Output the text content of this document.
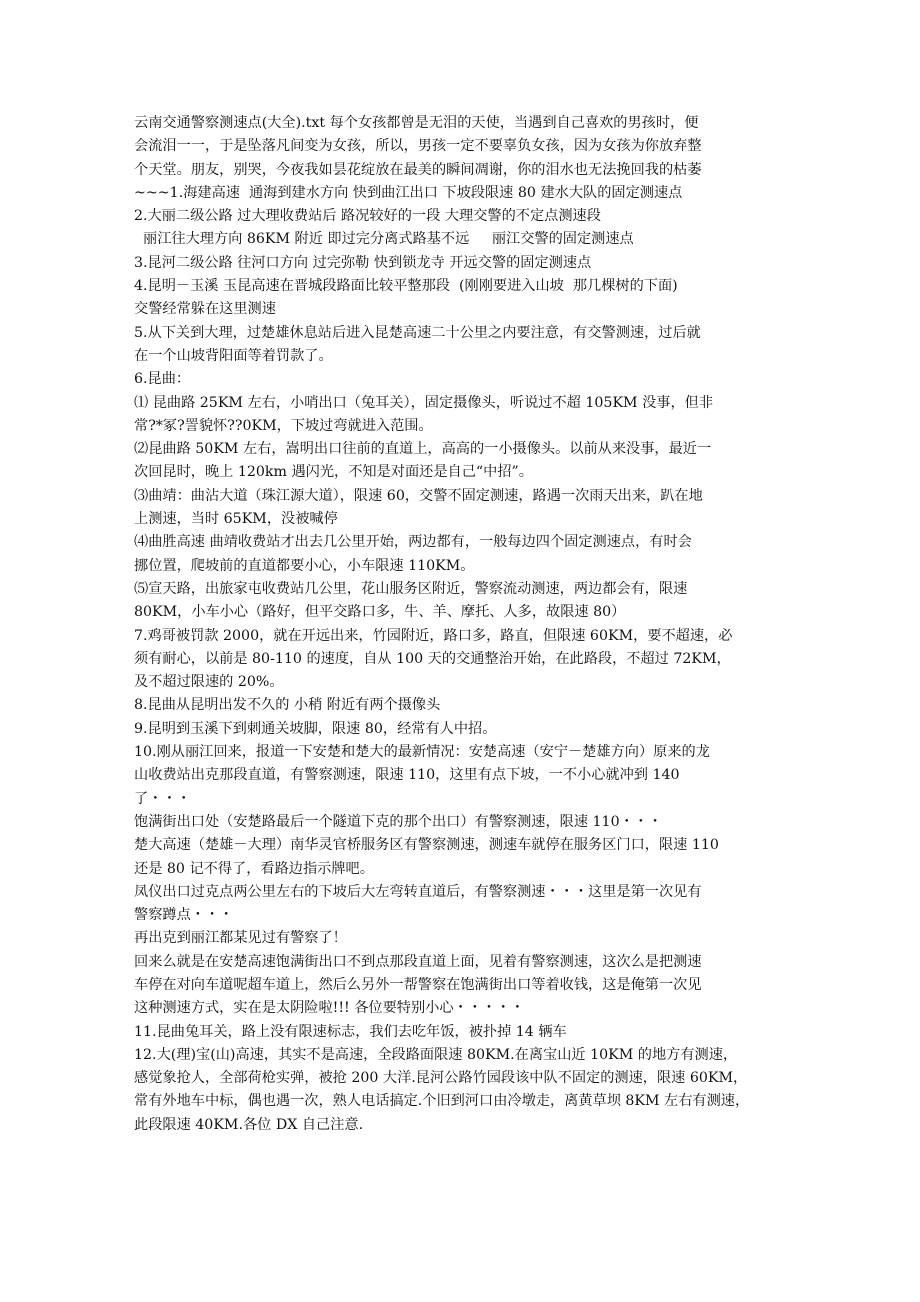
云南交通警察测速点(大全).txt 每个女孩都曾是无泪的天使，当遇到自己喜欢的男孩时，便
会流泪一一，于是坠落凡间变为女孩，所以，男孩一定不要辜负女孩，因为女孩为你放弃整
个天堂。朋友，别哭，今夜我如昙花绽放在最美的瞬间凋谢，你的泪水也无法挽回我的枯萎
~~~1.海建高速  通海到建水方向 快到曲江出口 下坡段限速 80 建水大队的固定测速点
2.大丽二级公路 过大理收费站后 路况较好的一段 大理交警的不定点测速段
丽江往大理方向 86KM 附近 即过完分离式路基不远     丽江交警的固定测速点
3.昆河二级公路 往河口方向 过完弥勒 快到锁龙寺 开远交警的固定测速点
4.昆明－玉溪 玉昆高速在晋城段路面比较平整那段  (刚刚要进入山坡  那几棵树的下面)
交警经常躲在这里测速
5.从下关到大理，过楚雄休息站后进入昆楚高速二十公里之内要注意，有交警测速，过后就
在一个山坡背阳面等着罚款了。
6.昆曲：
⑴ 昆曲路 25KM 左右，小哨出口（兔耳关），固定摄像头，听说过不超 105KM 没事，但非
常?*冢?詈貌怀??0KM，下坡过弯就进入范围。
⑵昆曲路 50KM 左右，嵩明出口往前的直道上，高高的一小摄像头。以前从来没事，最近一
次回昆时，晚上 120km 遇闪光，不知是对面还是自己“中招”。
⑶曲靖：曲沾大道（珠江源大道），限速 60，交警不固定测速，路遇一次雨天出来，趴在地
上测速，当时 65KM，没被喊停
⑷曲胜高速 曲靖收费站才出去几公里开始，两边都有，一般每边四个固定测速点，有时会
挪位置，爬坡前的直道都要小心，小车限速 110KM。
⑸宣天路，出旅家屯收费站几公里，花山服务区附近，警察流动测速，两边都会有，限速
80KM，小车小心（路好，但平交路口多，牛、羊、摩托、人多，故限速 80）
7.鸡哥被罚款 2000，就在开远出来，竹园附近，路口多，路直，但限速 60KM，要不超速，必
须有耐心，以前是 80-110 的速度，自从 100 天的交通整治开始，在此路段，不超过 72KM，
及不超过限速的 20%。
8.昆曲从昆明出发不久的 小稍 附近有两个摄像头
9.昆明到玉溪下到刺通关坡脚，限速 80，经常有人中招。
10.刚从丽江回来，报道一下安楚和楚大的最新情况：安楚高速（安宁－楚雄方向）原来的龙
山收费站出克那段直道，有警察测速，限速 110，这里有点下坡，一不小心就冲到 140
了・・・
饱满街出口处（安楚路最后一个隧道下克的那个出口）有警察测速，限速 110・・・
楚大高速（楚雄－大理）南华灵官桥服务区有警察测速，测速车就停在服务区门口，限速 110
还是 80 记不得了，看路边指示牌吧。
凤仪出口过克点两公里左右的下坡后大左弯转直道后，有警察测速・・・这里是第一次见有
警察蹲点・・・
再出克到丽江都某见过有警察了！
回来么就是在安楚高速饱满街出口不到点那段直道上面，见着有警察测速，这次么是把测速
车停在对向车道呢超车道上，然后么另外一帮警察在饱满街出口等着收钱，这是俺第一次见
这种测速方式，实在是太阴险啦!!! 各位要特别小心・・・・・
11.昆曲兔耳关，路上没有限速标志，我们去吃年饭，被扑掉 14 辆车
12.大(理)宝(山)高速，其实不是高速，全段路面限速 80KM.在离宝山近 10KM 的地方有测速，
感觉象抢人，全部荷枪实弹，被抢 200 大洋.昆河公路竹园段该中队不固定的测速，限速 60KM，
常有外地车中标，偶也遇一次，熟人电话搞定.个旧到河口由冷墩走，离黄草坝 8KM 左右有测速，
此段限速 40KM.各位 DX 自己注意.
